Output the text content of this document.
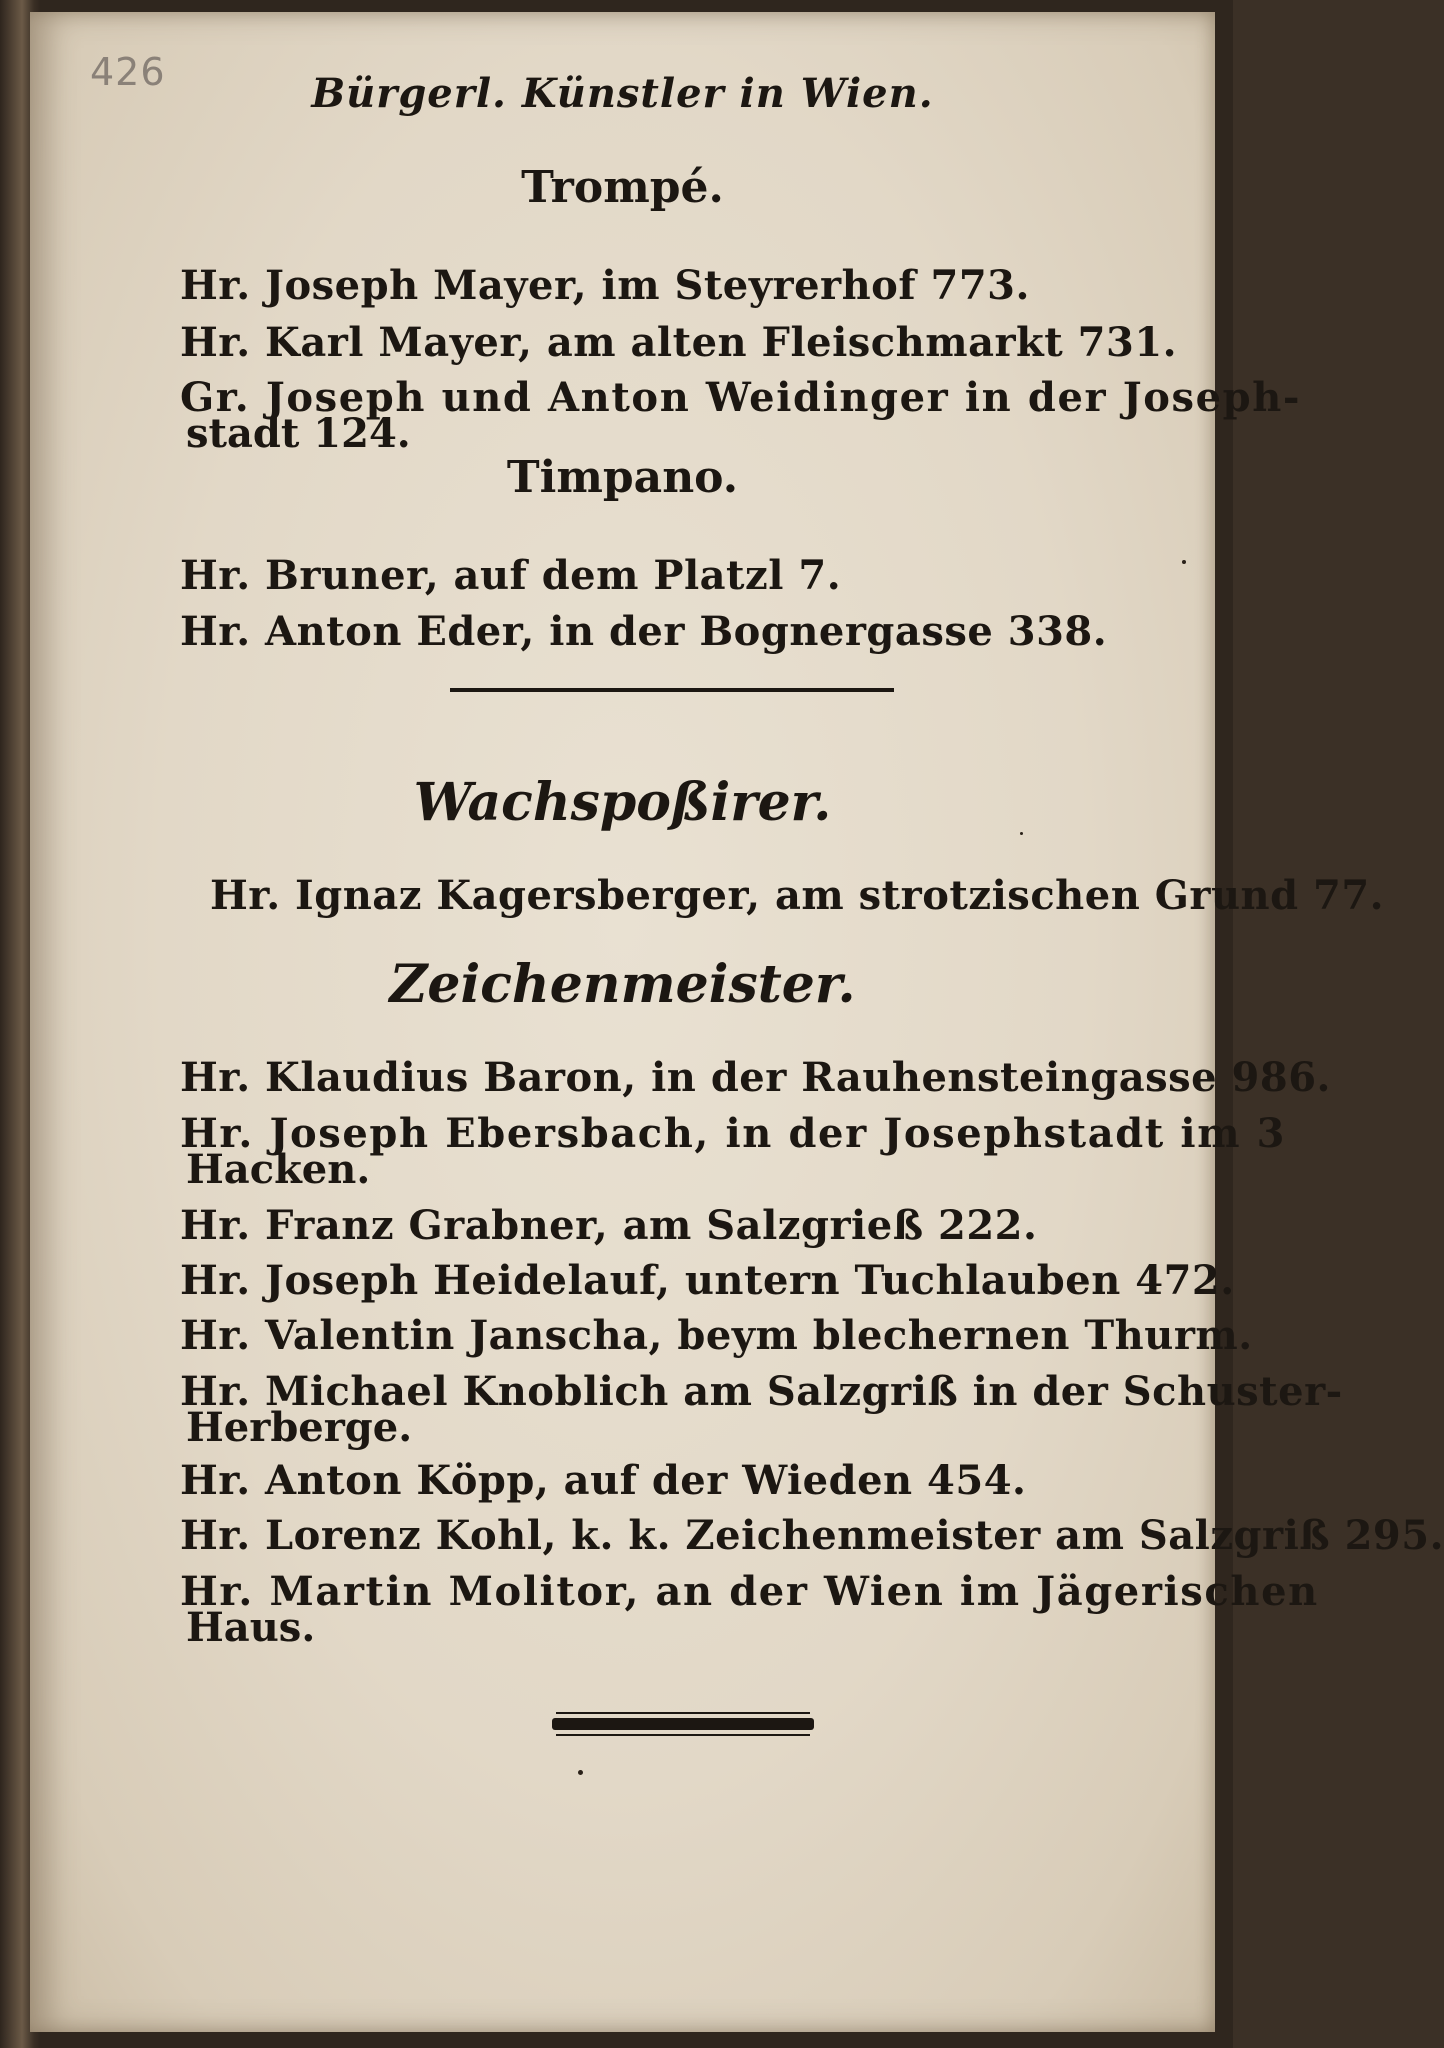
426	Bürgerl. Künstler in Wien.
Trompé.
Hr. Joseph Mayer, im Steyrerhof 773.
Hr. Karl Mayer, am alten Fleischmarkt 731.
Gr. Joseph und Anton Weidinger in der Joseph-
stadt 124.
Timpano.
Hr. Bruner, auf dem Platzl 7.
Hr. Anton Eder, in der Bognergasse 338.
Wachspoßirer.
Hr. Ignaz Kagersberger, am strotzischen Grund 77.
Zeichenmeister.
Hr. Klaudius Baron, in der Rauhensteingasse 986.
Hr. Joseph Ebersbach, in der Josephstadt im 3
Hacken.
Hr. Franz Grabner, am Salzgrieß 222.
Hr. Joseph Heidelauf, untern Tuchlauben 472.
Hr. Valentin Janscha, beym blechernen Thurm.
Hr. Michael Knoblich am Salzgriß in der Schuster-
Herberge.
Hr. Anton Köpp, auf der Wieden 454.
Hr. Lorenz Kohl, k. k. Zeichenmeister am Salzgriß 295.
Hr. Martin Molitor, an der Wien im Jägerischen
Haus.
